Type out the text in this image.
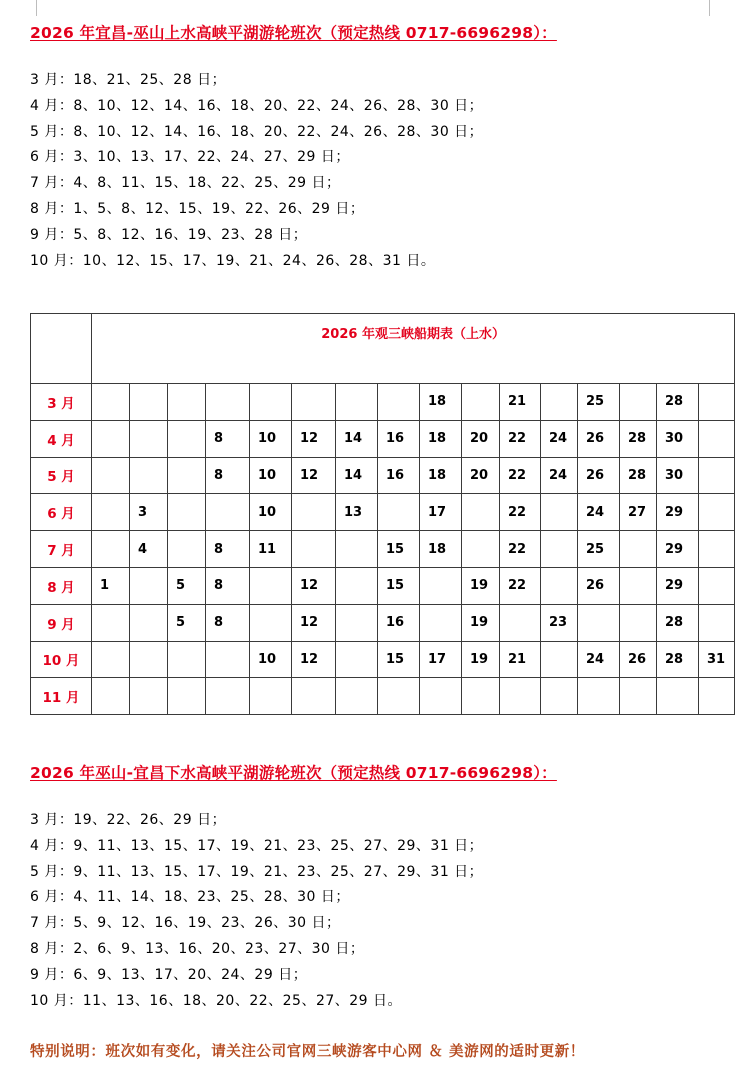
2026 年宜昌-巫山上水高峡平湖游轮班次（预定热线 0717-6696298）：
3 月：18、21、25、28 日；
4 月：8、10、12、14、16、18、20、22、24、26、28、30 日；
5 月：8、10、12、14、16、18、20、22、24、26、28、30 日；
6 月：3、10、13、17、22、24、27、29 日；
7 月：4、8、11、15、18、22、25、29 日；
8 月：1、5、8、12、15、19、22、26、29 日；
9 月：5、8、12、16、19、23、28 日；
10 月：10、12、15、17、19、21、24、26、28、31 日。
	2026 年观三峡船期表（上水）															
3 月									18		21		25		28	
4 月				8	10	12	14	16	18	20	22	24	26	28	30	
5 月				8	10	12	14	16	18	20	22	24	26	28	30	
6 月		3			10		13		17		22		24	27	29	
7 月		4		8	11			15	18		22		25		29	
8 月	1		5	8		12		15		19	22		26		29	
9 月			5	8		12		16		19		23			28	
10 月					10	12		15	17	19	21		24	26	28	31
11 月																
2026 年巫山-宜昌下水高峡平湖游轮班次（预定热线 0717-6696298）：
3 月：19、22、26、29 日；
4 月：9、11、13、15、17、19、21、23、25、27、29、31 日；
5 月：9、11、13、15、17、19、21、23、25、27、29、31 日；
6 月：4、11、14、18、23、25、28、30 日；
7 月：5、9、12、16、19、23、26、30 日；
8 月：2、6、9、13、16、20、23、27、30 日；
9 月：6、9、13、17、20、24、29 日；
10 月：11、13、16、18、20、22、25、27、29 日。
特别说明：班次如有变化，请关注公司官网三峡游客中心网 ＆ 美游网的适时更新！
